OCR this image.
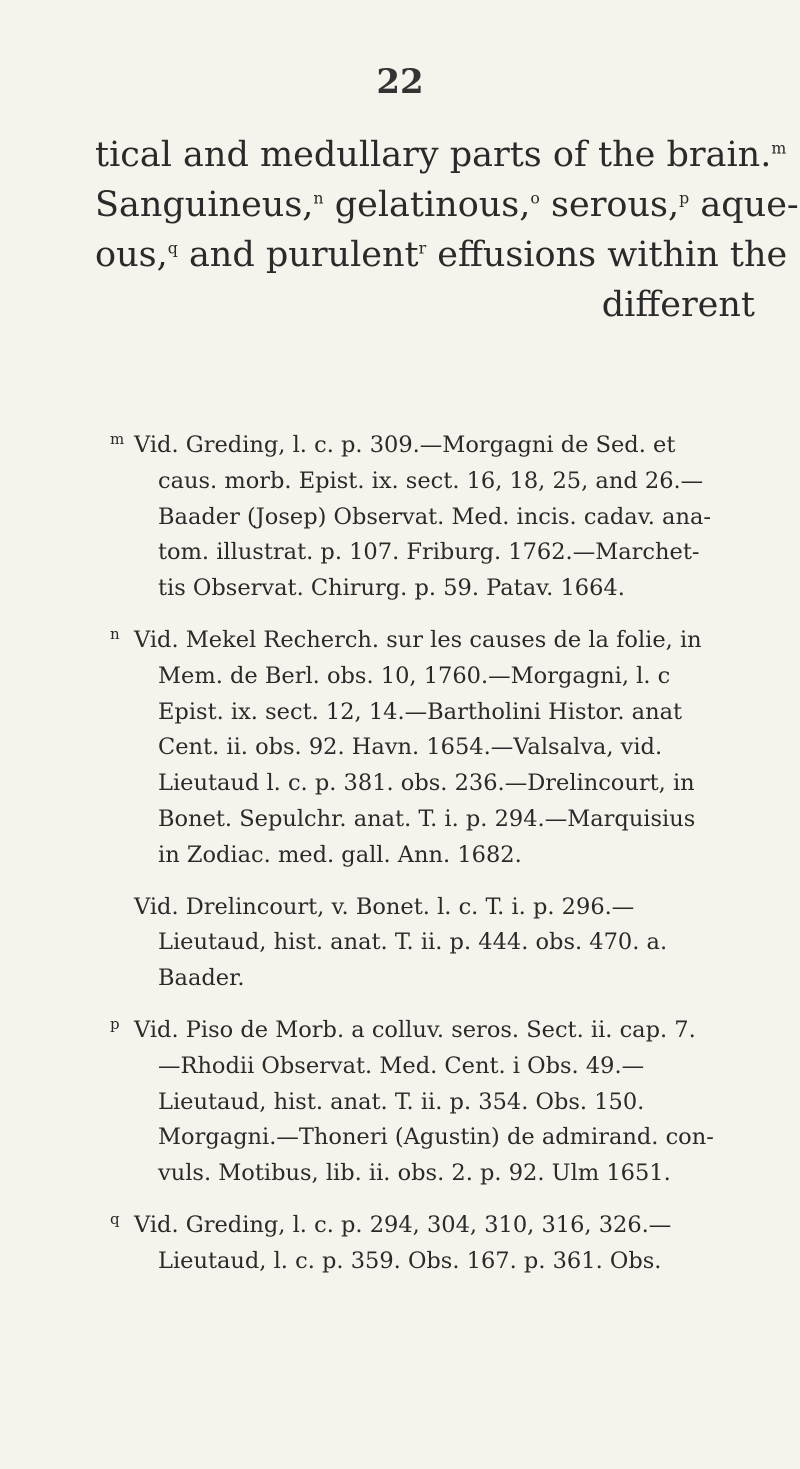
22
tical and medullary parts of the brain.$^m$
Sanguineus,$^n$ gelatinous,$^o$ serous,$^p$ aque-
ous,$^q$ and purulent$^r$ effusions within the
different
m Vid. Greding, l. c. p. 309.—Morgagni de Sed. et
caus. morb. Epist. ix. sect. 16, 18, 25, and 26.—
Baader (Josep) Observat. Med. incis. cadav. ana-
tom. illustrat. p. 107. Friburg. 1762.—Marchet-
tis Observat. Chirurg. p. 59. Patav. 1664.
n Vid. Mekel Recherch. sur les causes de la folie, in
Mem. de Berl. obs. 10, 1760.—Morgagni, l. c
Epist. ix. sect. 12, 14.—Bartholini Histor. anat
Cent. ii. obs. 92. Havn. 1654.—Valsalva, vid.
Lieutaud l. c. p. 381. obs. 236.—Drelincourt, in
Bonet. Sepulchr. anat. T. i. p. 294.—Marquisius
in Zodiac. med. gall. Ann. 1682.
Vid. Drelincourt, v. Bonet. l. c. T. i. p. 296.—
Lieutaud, hist. anat. T. ii. p. 444. obs. 470. a.
Baader.
p Vid. Piso de Morb. a colluv. seros. Sect. ii. cap. 7.
—Rhodii Observat. Med. Cent. i Obs. 49.—
Lieutaud, hist. anat. T. ii. p. 354. Obs. 150.
Morgagni.—Thoneri (Agustin) de admirand. con-
vuls. Motibus, lib. ii. obs. 2. p. 92. Ulm 1651.
q Vid. Greding, l. c. p. 294, 304, 310, 316, 326.—
Lieutaud, l. c. p. 359. Obs. 167. p. 361. Obs.
